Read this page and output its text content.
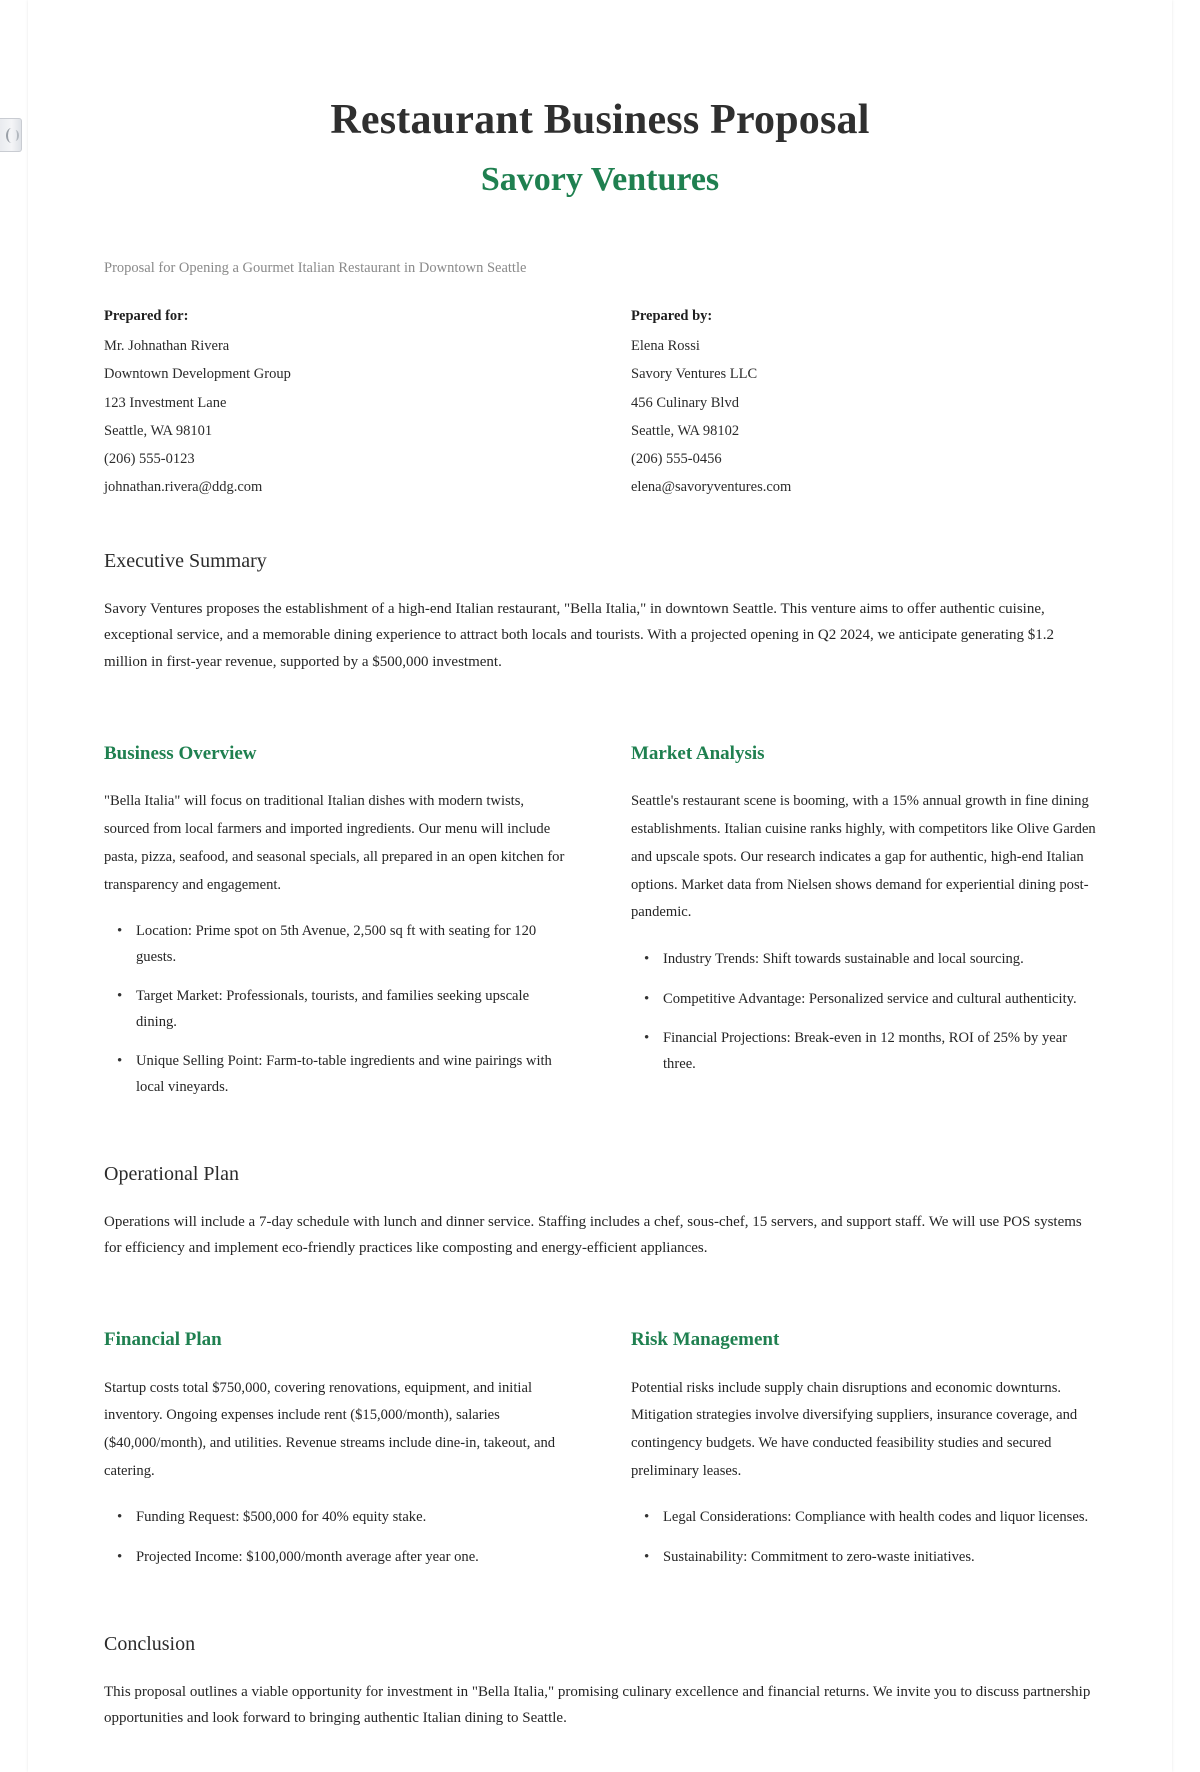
Restaurant Business Proposal
Savory Ventures
Proposal for Opening a Gourmet Italian Restaurant in Downtown Seattle
Prepared for:
Mr. Johnathan Rivera
Downtown Development Group
123 Investment Lane
Seattle, WA 98101
(206) 555-0123
johnathan.rivera@ddg.com
Prepared by:
Elena Rossi
Savory Ventures LLC
456 Culinary Blvd
Seattle, WA 98102
(206) 555-0456
elena@savoryventures.com
Executive Summary

Savory Ventures proposes the establishment of a high-end Italian restaurant, "Bella Italia," in downtown Seattle. This venture aims to offer authentic cuisine, exceptional service, and a memorable dining experience to attract both locals and tourists. With a projected opening in Q2 2024, we anticipate generating $1.2 million in first-year revenue, supported by a $500,000 investment.

Business Overview

"Bella Italia" will focus on traditional Italian dishes with modern twists, sourced from local farmers and imported ingredients. Our menu will include pasta, pizza, seafood, and seasonal specials, all prepared in an open kitchen for transparency and engagement.

• Location: Prime spot on 5th Avenue, 2,500 sq ft with seating for 120 guests.
• Target Market: Professionals, tourists, and families seeking upscale dining.
• Unique Selling Point: Farm-to-table ingredients and wine pairings with local vineyards.
Market Analysis

Seattle's restaurant scene is booming, with a 15% annual growth in fine dining establishments. Italian cuisine ranks highly, with competitors like Olive Garden and upscale spots. Our research indicates a gap for authentic, high-end Italian options. Market data from Nielsen shows demand for experiential dining post-pandemic.

• Industry Trends: Shift towards sustainable and local sourcing.
• Competitive Advantage: Personalized service and cultural authenticity.
• Financial Projections: Break-even in 12 months, ROI of 25% by year three.
Operational Plan

Operations will include a 7-day schedule with lunch and dinner service. Staffing includes a chef, sous-chef, 15 servers, and support staff. We will use POS systems for efficiency and implement eco-friendly practices like composting and energy-efficient appliances.

Financial Plan

Startup costs total $750,000, covering renovations, equipment, and initial inventory. Ongoing expenses include rent ($15,000/month), salaries ($40,000/month), and utilities. Revenue streams include dine-in, takeout, and catering.

• Funding Request: $500,000 for 40% equity stake.
• Projected Income: $100,000/month average after year one.
Risk Management

Potential risks include supply chain disruptions and economic downturns. Mitigation strategies involve diversifying suppliers, insurance coverage, and contingency budgets. We have conducted feasibility studies and secured preliminary leases.

• Legal Considerations: Compliance with health codes and liquor licenses.
• Sustainability: Commitment to zero-waste initiatives.
Conclusion

This proposal outlines a viable opportunity for investment in "Bella Italia," promising culinary excellence and financial returns. We invite you to discuss partnership opportunities and look forward to bringing authentic Italian dining to Seattle.
